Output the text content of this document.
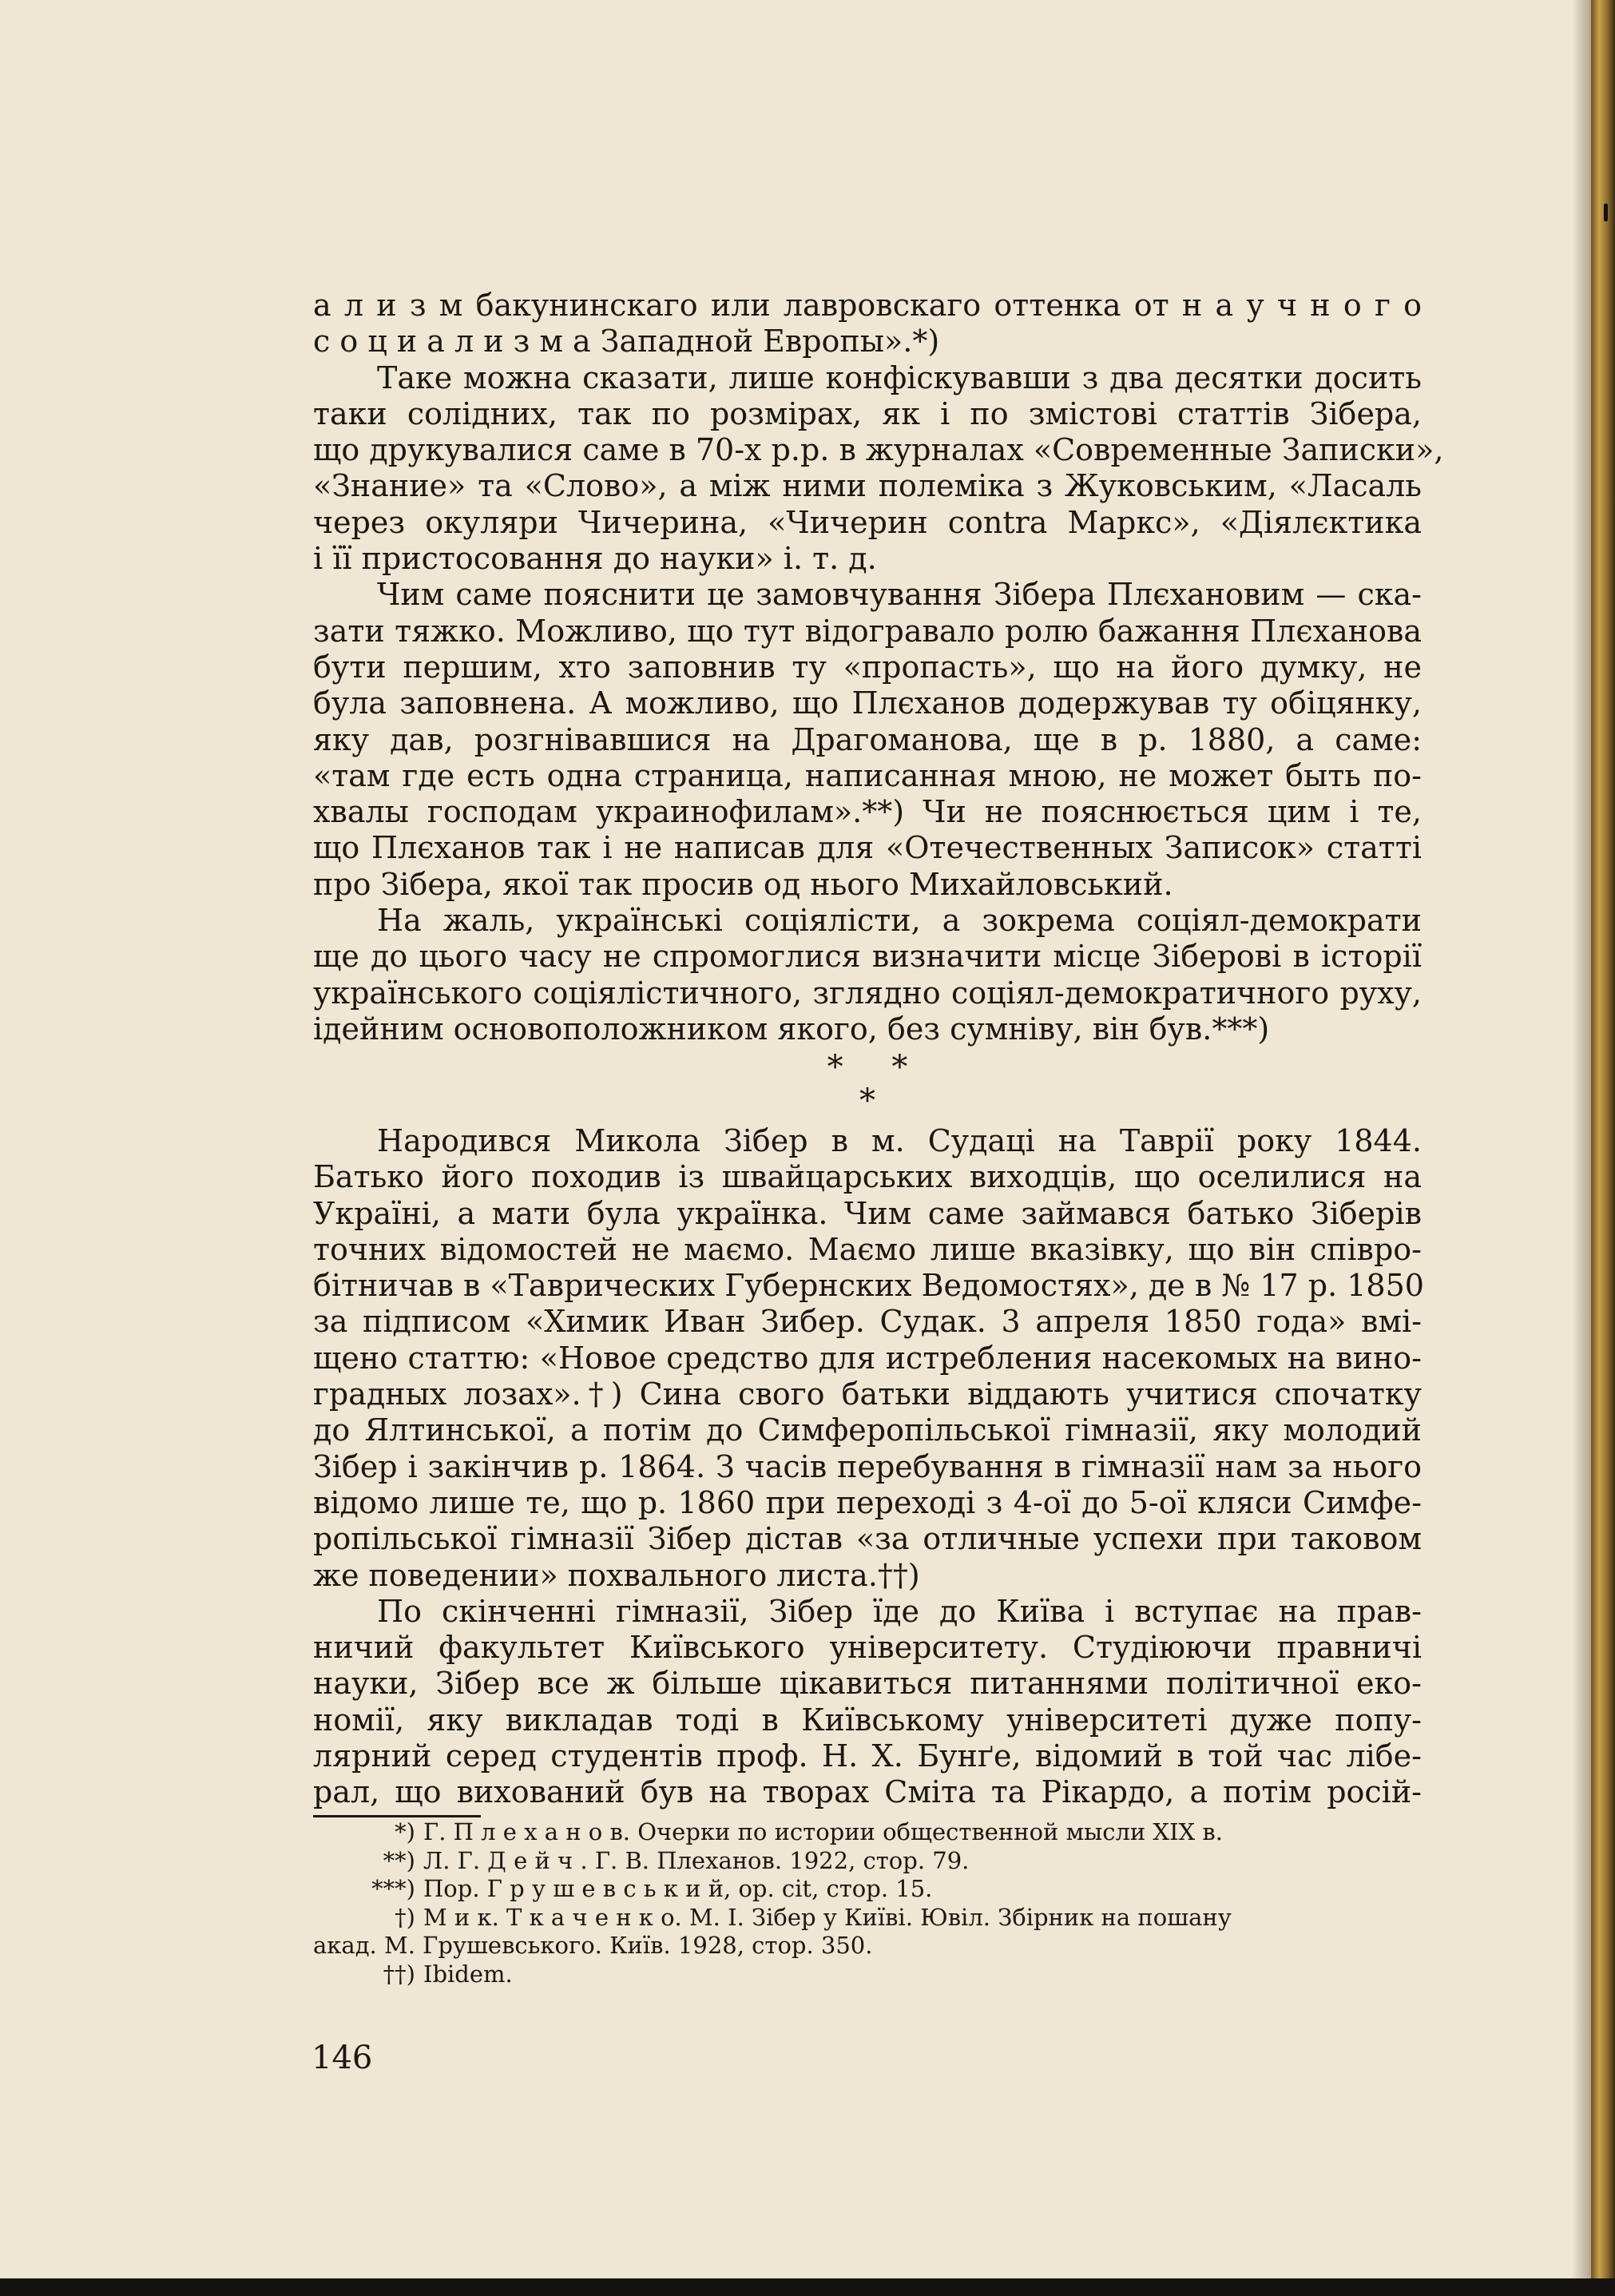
а л и з м бакунинскаго или лавровскаго оттенка от н а у ч н о г о
с о ц и а л и з м а Западной Европы».*)
Таке можна сказати, лише конфіскувавши з два десятки досить
таки солідних, так по розмірах, як і по змістові статтів Зібера,
що друкувалися саме в 70-х р.р. в журналах «Современные Записки»,
«Знание» та «Слово», а між ними полеміка з Жуковським, «Ласаль
через окуляри Чичерина, «Чичерин contra Маркс», «Діялєктика
і її пристосовання до науки» і. т. д.
Чим саме пояснити це замовчування Зібера Плєхановим — ска-
зати тяжко. Можливо, що тут відогравало ролю бажання Плєханова
бути першим, хто заповнив ту «пропасть», що на його думку, не
була заповнена. А можливо, що Плєханов додержував ту обіцянку,
яку дав, розгнівавшися на Драгоманова, ще в р. 1880, а саме:
«там где есть одна страница, написанная мною, не может быть по-
хвалы господам украинофилам».**) Чи не пояснюється цим і те,
що Плєханов так і не написав для «Отечественных Записок» статті
про Зібера, якої так просив од нього Михайловський.
На жаль, українські соціялісти, а зокрема соціял-демократи
ще до цього часу не спромоглися визначити місце Зіберові в історії
українського соціялістичного, зглядно соціял-демократичного руху,
ідейним основоположником якого, без сумніву, він був.***)
* *
*
Народився Микола Зібер в м. Судаці на Таврії року 1844.
Батько його походив із швайцарських виходців, що оселилися на
Україні, а мати була українка. Чим саме займався батько Зіберів
точних відомостей не маємо. Маємо лише вказівку, що він співро-
бітничав в «Таврических Губернских Ведомостях», де в № 17 р. 1850
за підписом «Химик Иван Зибер. Судак. 3 апреля 1850 года» вмі-
щено статтю: «Новое средство для истребления насекомых на вино-
градных лозах».†) Сина свого батьки віддають учитися спочатку
до Ялтинської, а потім до Симферопільської гімназії, яку молодий
Зібер і закінчив р. 1864. З часів перебування в гімназії нам за нього
відомо лише те, що р. 1860 при переході з 4-ої до 5-ої кляси Симфе-
ропільської гімназії Зібер дістав «за отличные успехи при таковом
же поведении» похвального листа.††)
По скінченні гімназії, Зібер їде до Київа і вступає на прав-
ничий факультет Київського університету. Студіюючи правничі
науки, Зібер все ж більше цікавиться питаннями політичної еко-
номії, яку викладав тоді в Київському університеті дуже попу-
лярний серед студентів проф. Н. Х. Бунґе, відомий в той час лібе-
рал, що вихований був на творах Сміта та Рікардо, а потім росій-
*) Г. П л е х а н о в. Очерки по истории общественной мысли XIX в.
**) Л. Г. Д е й ч . Г. В. Плеханов. 1922, стор. 79.
***) Пор. Г р у ш е в с ь к и й, op. cit, стор. 15.
†) М и к. Т к а ч е н к о. М. І. Зібер у Київі. Ювіл. Збірник на пошану
акад. М. Грушевського. Київ. 1928, стор. 350.
††) Ibidem.
146
